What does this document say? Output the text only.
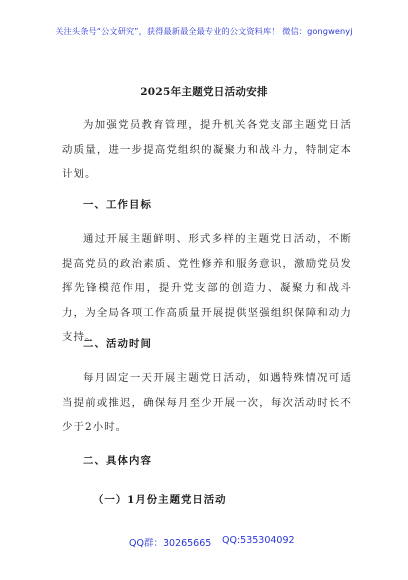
关注头条号“公文研究”，获得最新最全最专业的公文资料库！ 微信：gongwenyj
2025年主题党日活动安排
为加强党员教育管理，提升机关各党支部主题党日活动质量，进一步提高党组织的凝聚力和战斗力，特制定本计划。
一、工作目标
通过开展主题鲜明、形式多样的主题党日活动，不断提高党员的政治素质、党性修养和服务意识，激励党员发挥先锋模范作用，提升党支部的创造力、凝聚力和战斗力，为全局各项工作高质量开展提供坚强组织保障和动力支持。
二、活动时间
每月固定一天开展主题党日活动，如遇特殊情况可适当提前或推迟，确保每月至少开展一次，每次活动时长不少于2小时。
二、具体内容
（一）1月份主题党日活动
QQ群：30265665 QQ:535304092
